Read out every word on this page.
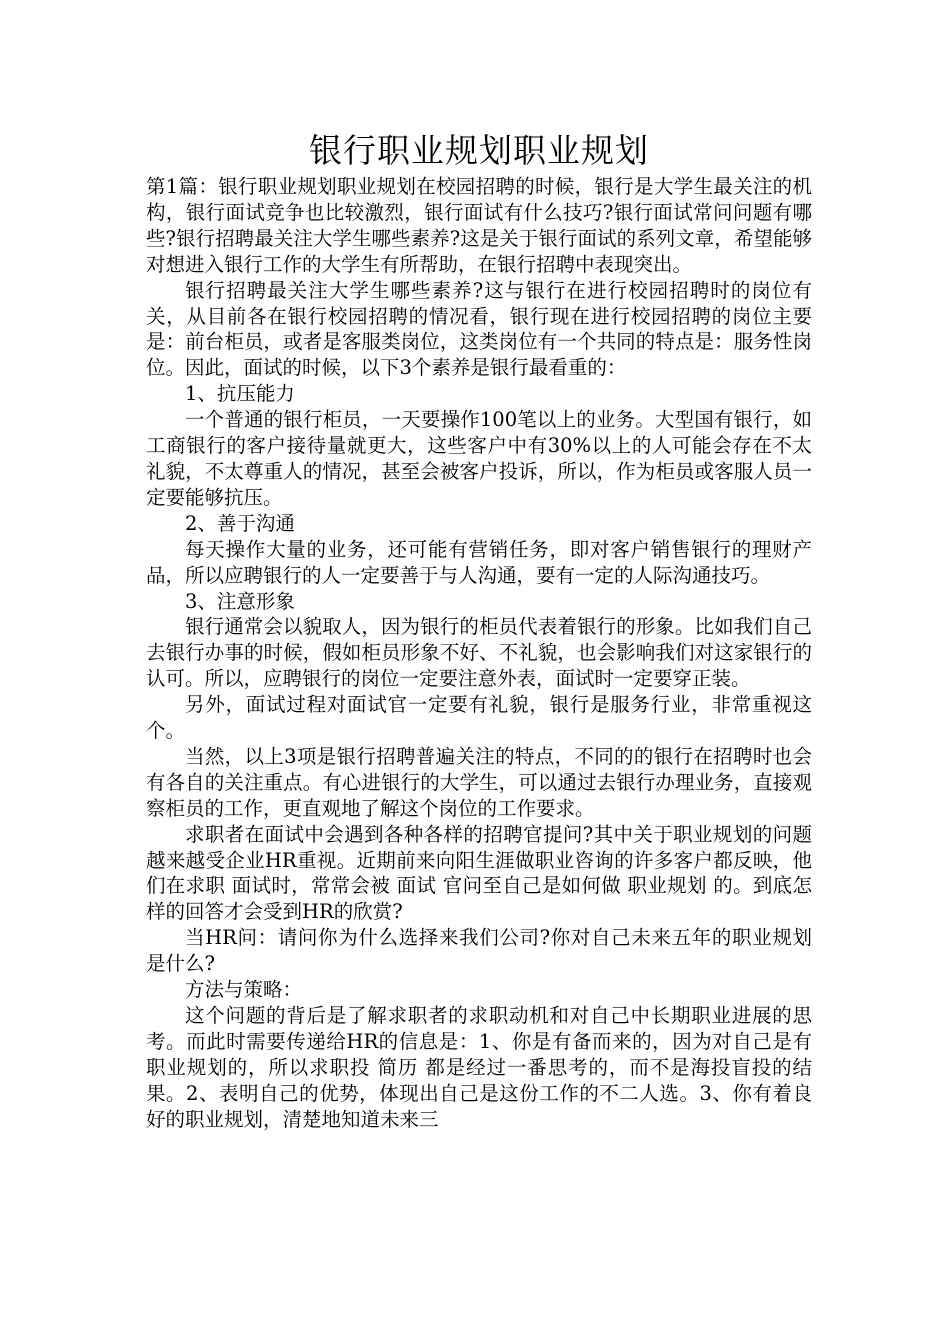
银行职业规划职业规划

第1篇：银行职业规划职业规划在校园招聘的时候，银行是大学生最关注的机构，银行面试竞争也比较激烈，银行面试有什么技巧?银行面试常问问题有哪些?银行招聘最关注大学生哪些素养?这是关于银行面试的系列文章，希望能够对想进入银行工作的大学生有所帮助，在银行招聘中表现突出。

银行招聘最关注大学生哪些素养?这与银行在进行校园招聘时的岗位有关，从目前各在银行校园招聘的情况看，银行现在进行校园招聘的岗位主要是：前台柜员，或者是客服类岗位，这类岗位有一个共同的特点是：服务性岗位。因此，面试的时候，以下3个素养是银行最看重的：

1、抗压能力

一个普通的银行柜员，一天要操作100笔以上的业务。大型国有银行，如工商银行的客户接待量就更大，这些客户中有30%以上的人可能会存在不太礼貌，不太尊重人的情况，甚至会被客户投诉，所以，作为柜员或客服人员一定要能够抗压。

2、善于沟通

每天操作大量的业务，还可能有营销任务，即对客户销售银行的理财产品，所以应聘银行的人一定要善于与人沟通，要有一定的人际沟通技巧。

3、注意形象

银行通常会以貌取人，因为银行的柜员代表着银行的形象。比如我们自己去银行办事的时候，假如柜员形象不好、不礼貌，也会影响我们对这家银行的认可。所以，应聘银行的岗位一定要注意外表，面试时一定要穿正装。

另外，面试过程对面试官一定要有礼貌，银行是服务行业，非常重视这个。

当然，以上3项是银行招聘普遍关注的特点，不同的的银行在招聘时也会有各自的关注重点。有心进银行的大学生，可以通过去银行办理业务，直接观察柜员的工作，更直观地了解这个岗位的工作要求。

求职者在面试中会遇到各种各样的招聘官提问?其中关于职业规划的问题越来越受企业HR重视。近期前来向阳生涯做职业咨询的许多客户都反映，他们在求职 面试时，常常会被 面试 官问至自己是如何做 职业规划 的。到底怎样的回答才会受到HR的欣赏?

当HR问：请问你为什么选择来我们公司?你对自己未来五年的职业规划是什么?

方法与策略：

这个问题的背后是了解求职者的求职动机和对自己中长期职业进展的思考。而此时需要传递给HR的信息是：1、你是有备而来的，因为对自己是有职业规划的，所以求职投 简历 都是经过一番思考的，而不是海投盲投的结果。2、表明自己的优势，体现出自己是这份工作的不二人选。3、你有着良好的职业规划，清楚地知道未来三
